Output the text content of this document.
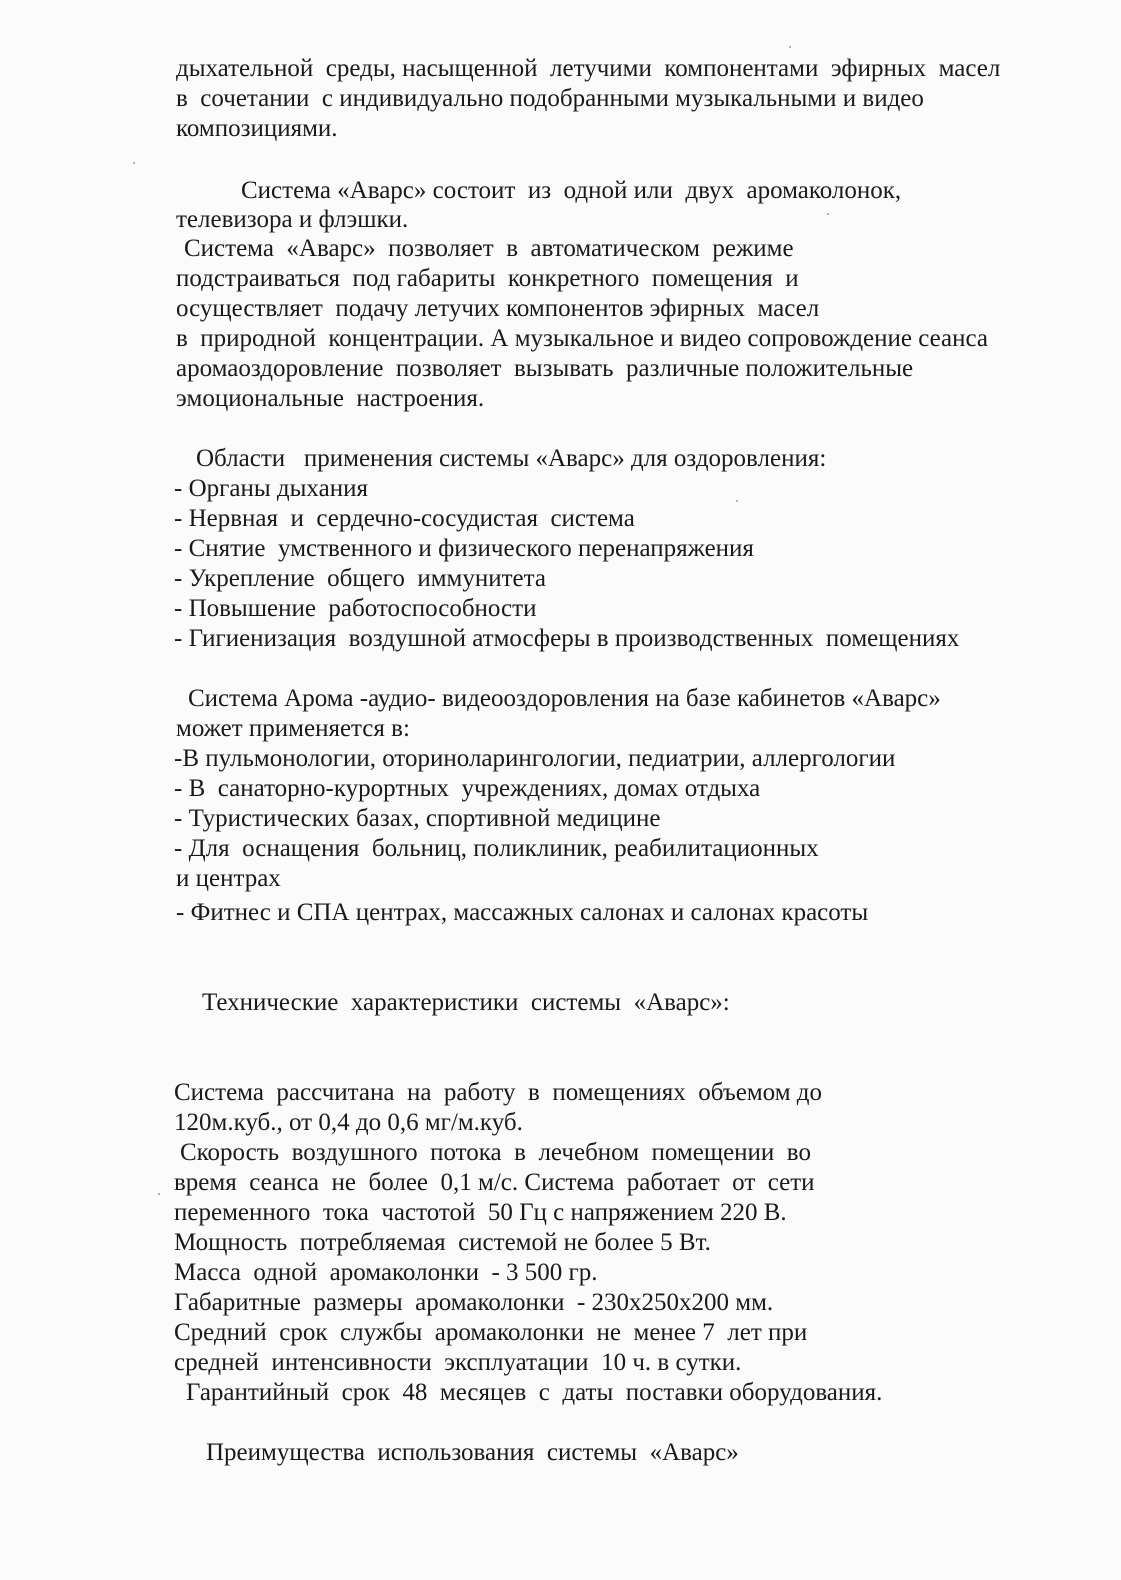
дыхательной  среды, насыщенной  летучими  компонентами  эфирных  масел
в  сочетании  с индивидуально подобранными музыкальными и видео
композициями.
Система «Аварс» состоит  из  одной или  двух  аромаколонок,
телевизора и флэшки.
Система  «Аварс»  позволяет  в  автоматическом  режиме
подстраиваться  под габариты  конкретного  помещения  и
осуществляет  подачу летучих компонентов эфирных  масел
в  природной  концентрации. А музыкальное и видео сопровождение сеанса
аромаоздоровление  позволяет  вызывать  различные положительные
эмоциональные  настроения.
Области   применения системы «Аварс» для оздоровления:
- Органы дыхания
- Нервная  и  сердечно-сосудистая  система
- Снятие  умственного и физического перенапряжения
- Укрепление  общего  иммунитета
- Повышение  работоспособности
- Гигиенизация  воздушной атмосферы в производственных  помещениях
Система Арома -аудио- видеооздоровления на базе кабинетов «Аварс»
может применяется в:
-В пульмонологии, оториноларингологии, педиатрии, аллергологии
- В  санаторно-курортных  учреждениях, домах отдыха
- Туристических базах, спортивной медицине
- Для  оснащения  больниц, поликлиник, реабилитационных
и центрах
- Фитнес и СПА центрах, массажных салонах и салонах красоты
Технические  характеристики  системы  «Аварс»:
Система  рассчитана  на  работу  в  помещениях  объемом до
120м.куб., от 0,4 до 0,6 мг/м.куб.
Скорость  воздушного  потока  в  лечебном  помещении  во
время  сеанса  не  более  0,1 м/с. Система  работает  от  сети
переменного  тока  частотой  50 Гц с напряжением 220 В.
Мощность  потребляемая  системой не более 5 Вт.
Масса  одной  аромаколонки  - 3 500 гр.
Габаритные  размеры  аромаколонки  - 230х250х200 мм.
Средний  срок  службы  аромаколонки  не  менее 7  лет при
средней  интенсивности  эксплуатации  10 ч. в сутки.
Гарантийный  срок  48  месяцев  с  даты  поставки оборудования.
Преимущества  использования  системы  «Аварс»
